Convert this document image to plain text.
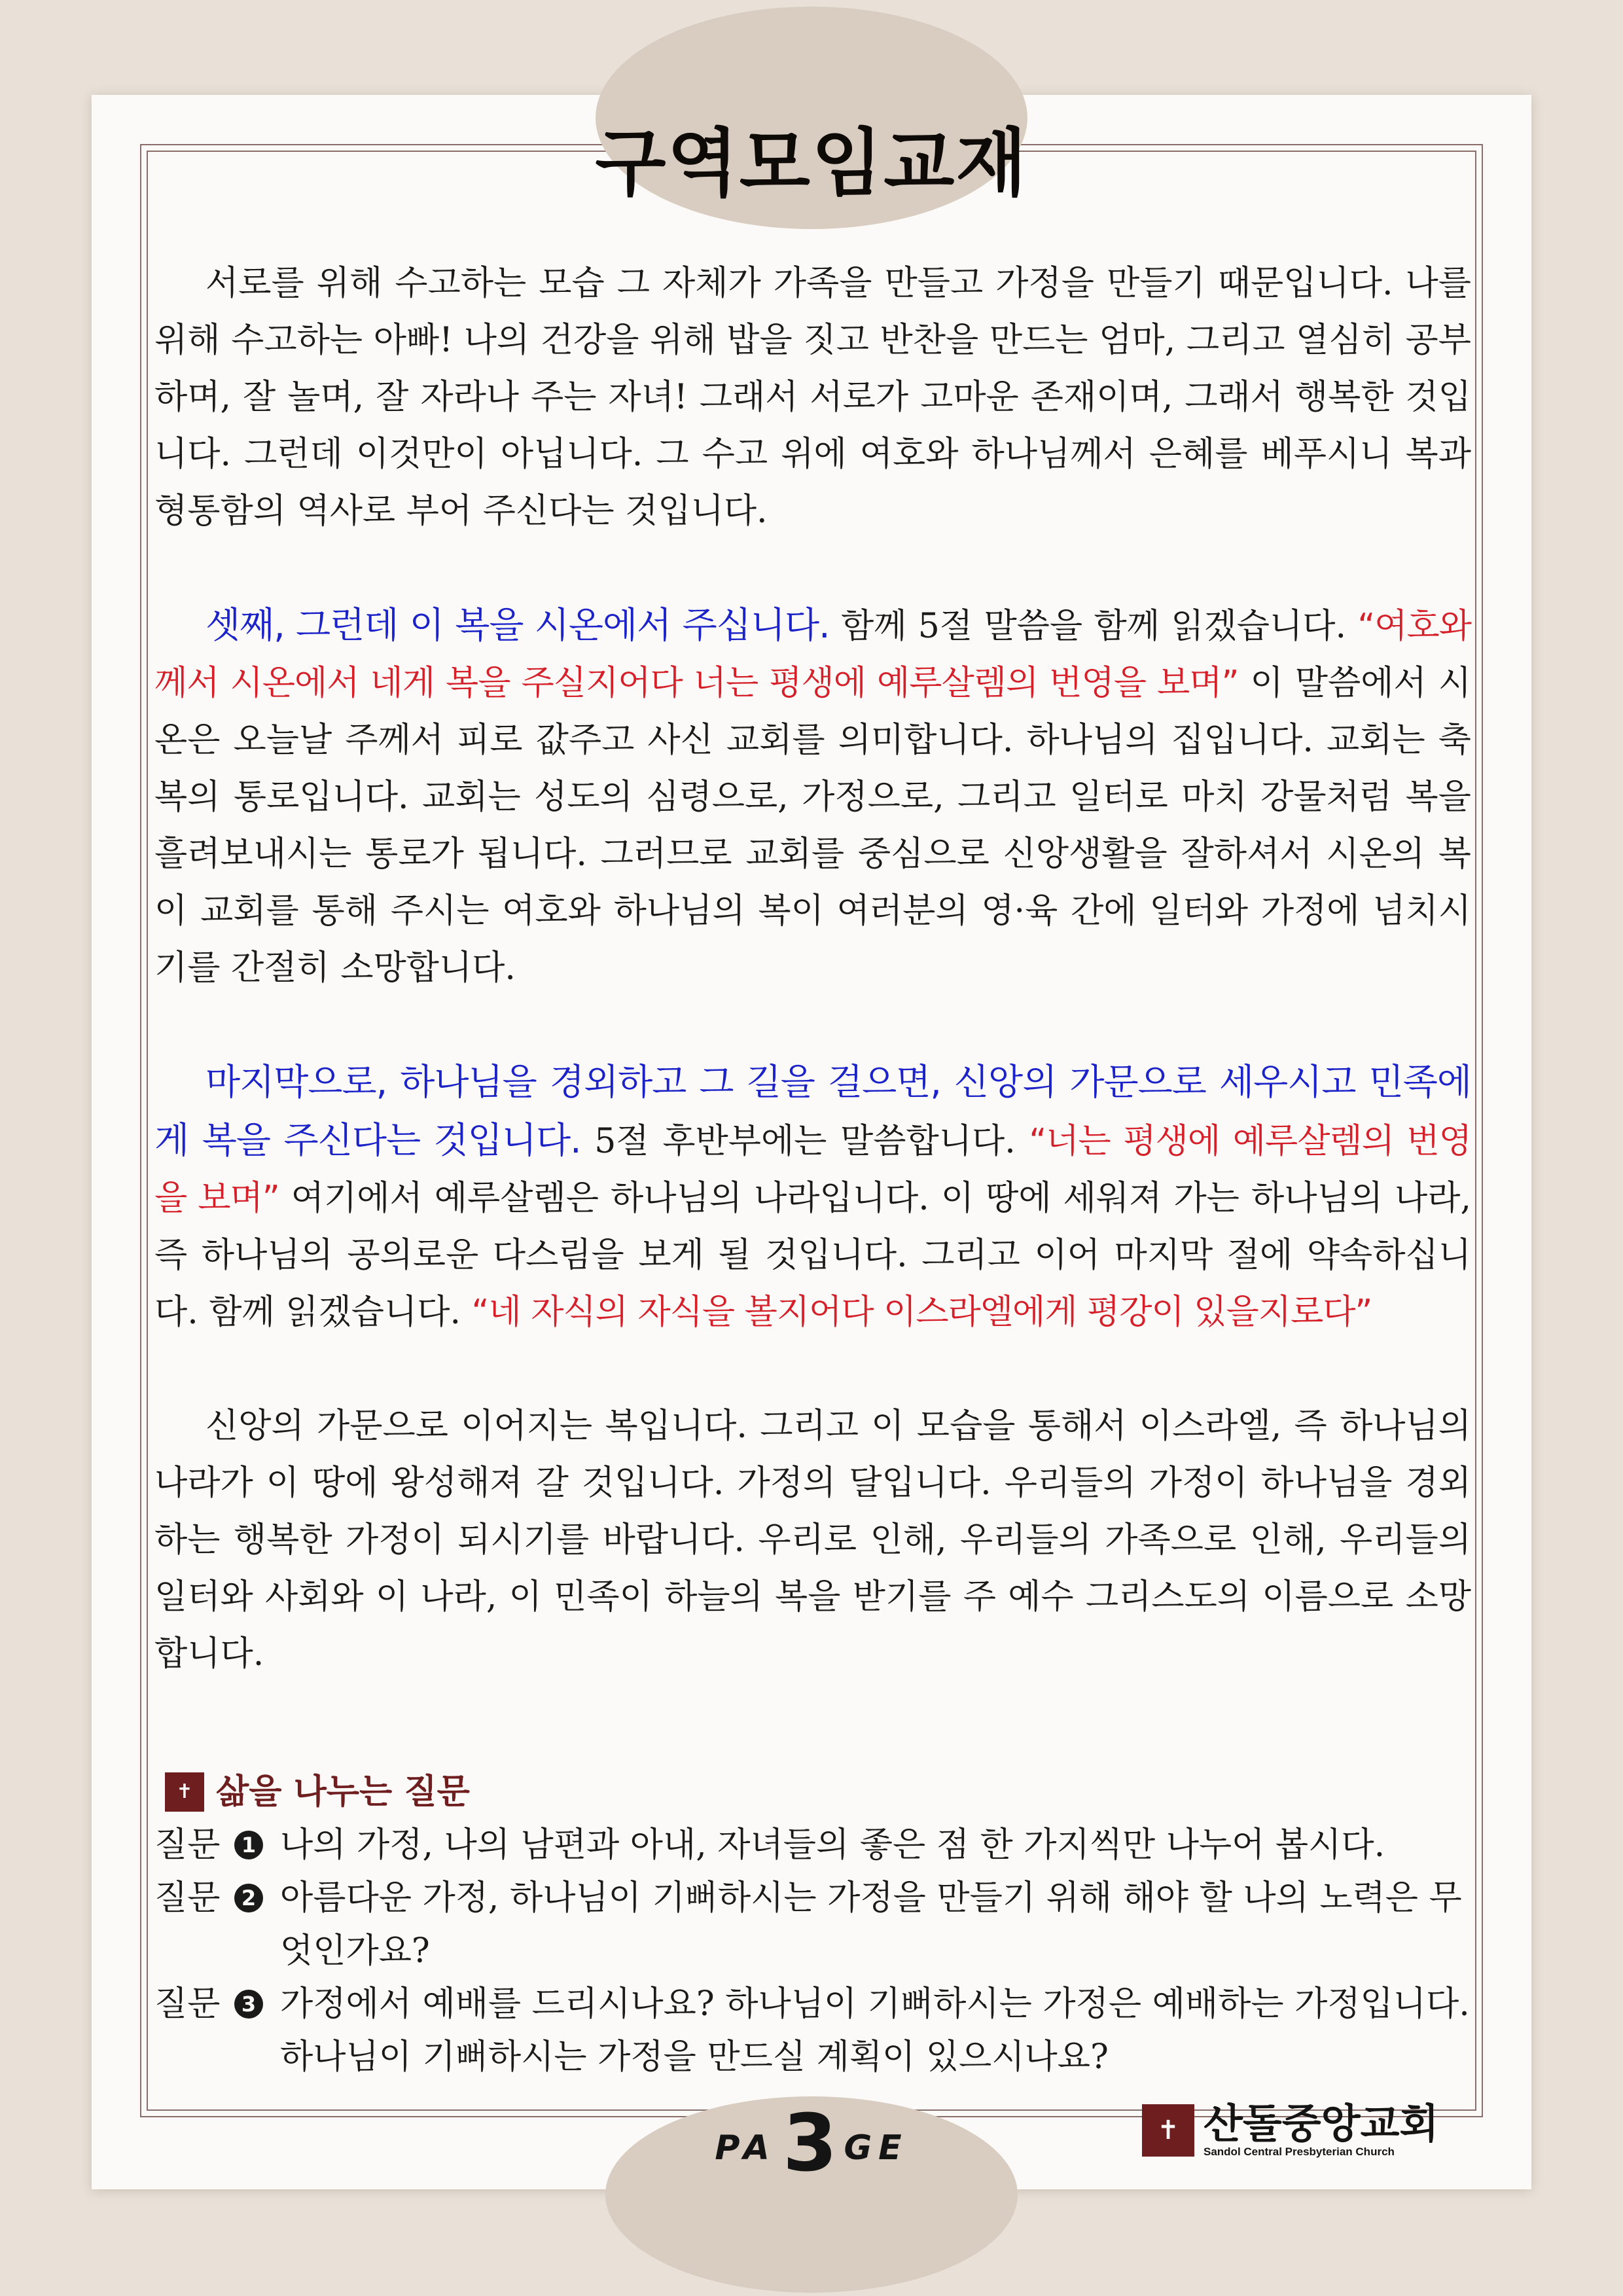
구역모임교재

서로를 위해 수고하는 모습 그 자체가 가족을 만들고 가정을 만들기 때문입니다. 나를 위해 수고하는 아빠! 나의 건강을 위해 밥을 짓고 반찬을 만드는 엄마, 그리고 열심히 공부하며, 잘 놀며, 잘 자라나 주는 자녀! 그래서 서로가 고마운 존재이며, 그래서 행복한 것입니다. 그런데 이것만이 아닙니다. 그 수고 위에 여호와 하나님께서 은혜를 베푸시니 복과 형통함의 역사로 부어 주신다는 것입니다.

셋째, 그런데 이 복을 시온에서 주십니다. 함께 5절 말씀을 함께 읽겠습니다. “여호와께서 시온에서 네게 복을 주실지어다 너는 평생에 예루살렘의 번영을 보며” 이 말씀에서 시온은 오늘날 주께서 피로 값주고 사신 교회를 의미합니다. 하나님의 집입니다. 교회는 축복의 통로입니다. 교회는 성도의 심령으로, 가정으로, 그리고 일터로 마치 강물처럼 복을 흘려보내시는 통로가 됩니다. 그러므로 교회를 중심으로 신앙생활을 잘하셔서 시온의 복이 교회를 통해 주시는 여호와 하나님의 복이 여러분의 영·육 간에 일터와 가정에 넘치시기를 간절히 소망합니다.

마지막으로, 하나님을 경외하고 그 길을 걸으면, 신앙의 가문으로 세우시고 민족에게 복을 주신다는 것입니다. 5절 후반부에는 말씀합니다. “너는 평생에 예루살렘의 번영을 보며” 여기에서 예루살렘은 하나님의 나라입니다. 이 땅에 세워져 가는 하나님의 나라, 즉 하나님의 공의로운 다스림을 보게 될 것입니다. 그리고 이어 마지막 절에 약속하십니다. 함께 읽겠습니다. “네 자식의 자식을 볼지어다 이스라엘에게 평강이 있을지로다”

신앙의 가문으로 이어지는 복입니다. 그리고 이 모습을 통해서 이스라엘, 즉 하나님의 나라가 이 땅에 왕성해져 갈 것입니다. 가정의 달입니다. 우리들의 가정이 하나님을 경외하는 행복한 가정이 되시기를 바랍니다. 우리로 인해, 우리들의 가족으로 인해, 우리들의 일터와 사회와 이 나라, 이 민족이 하늘의 복을 받기를 주 예수 그리스도의 이름으로 소망합니다.

✝ 삶을 나누는 질문
질문	1 나의 가정, 나의 남편과 아내, 자녀들의 좋은 점 한 가지씩만 나누어 봅시다.
질문	2 아름다운 가정, 하나님이 기뻐하시는 가정을 만들기 위해 해야 할 나의 노력은 무엇인가요?
질문	3 가정에서 예배를 드리시나요? 하나님이 기뻐하시는 가정은 예배하는 가정입니다. 하나님이 기뻐하시는 가정을 만드실 계획이 있으시나요?
✝ 산돌중앙교회
Sandol Central Presbyterian Church
PA 3 GE
